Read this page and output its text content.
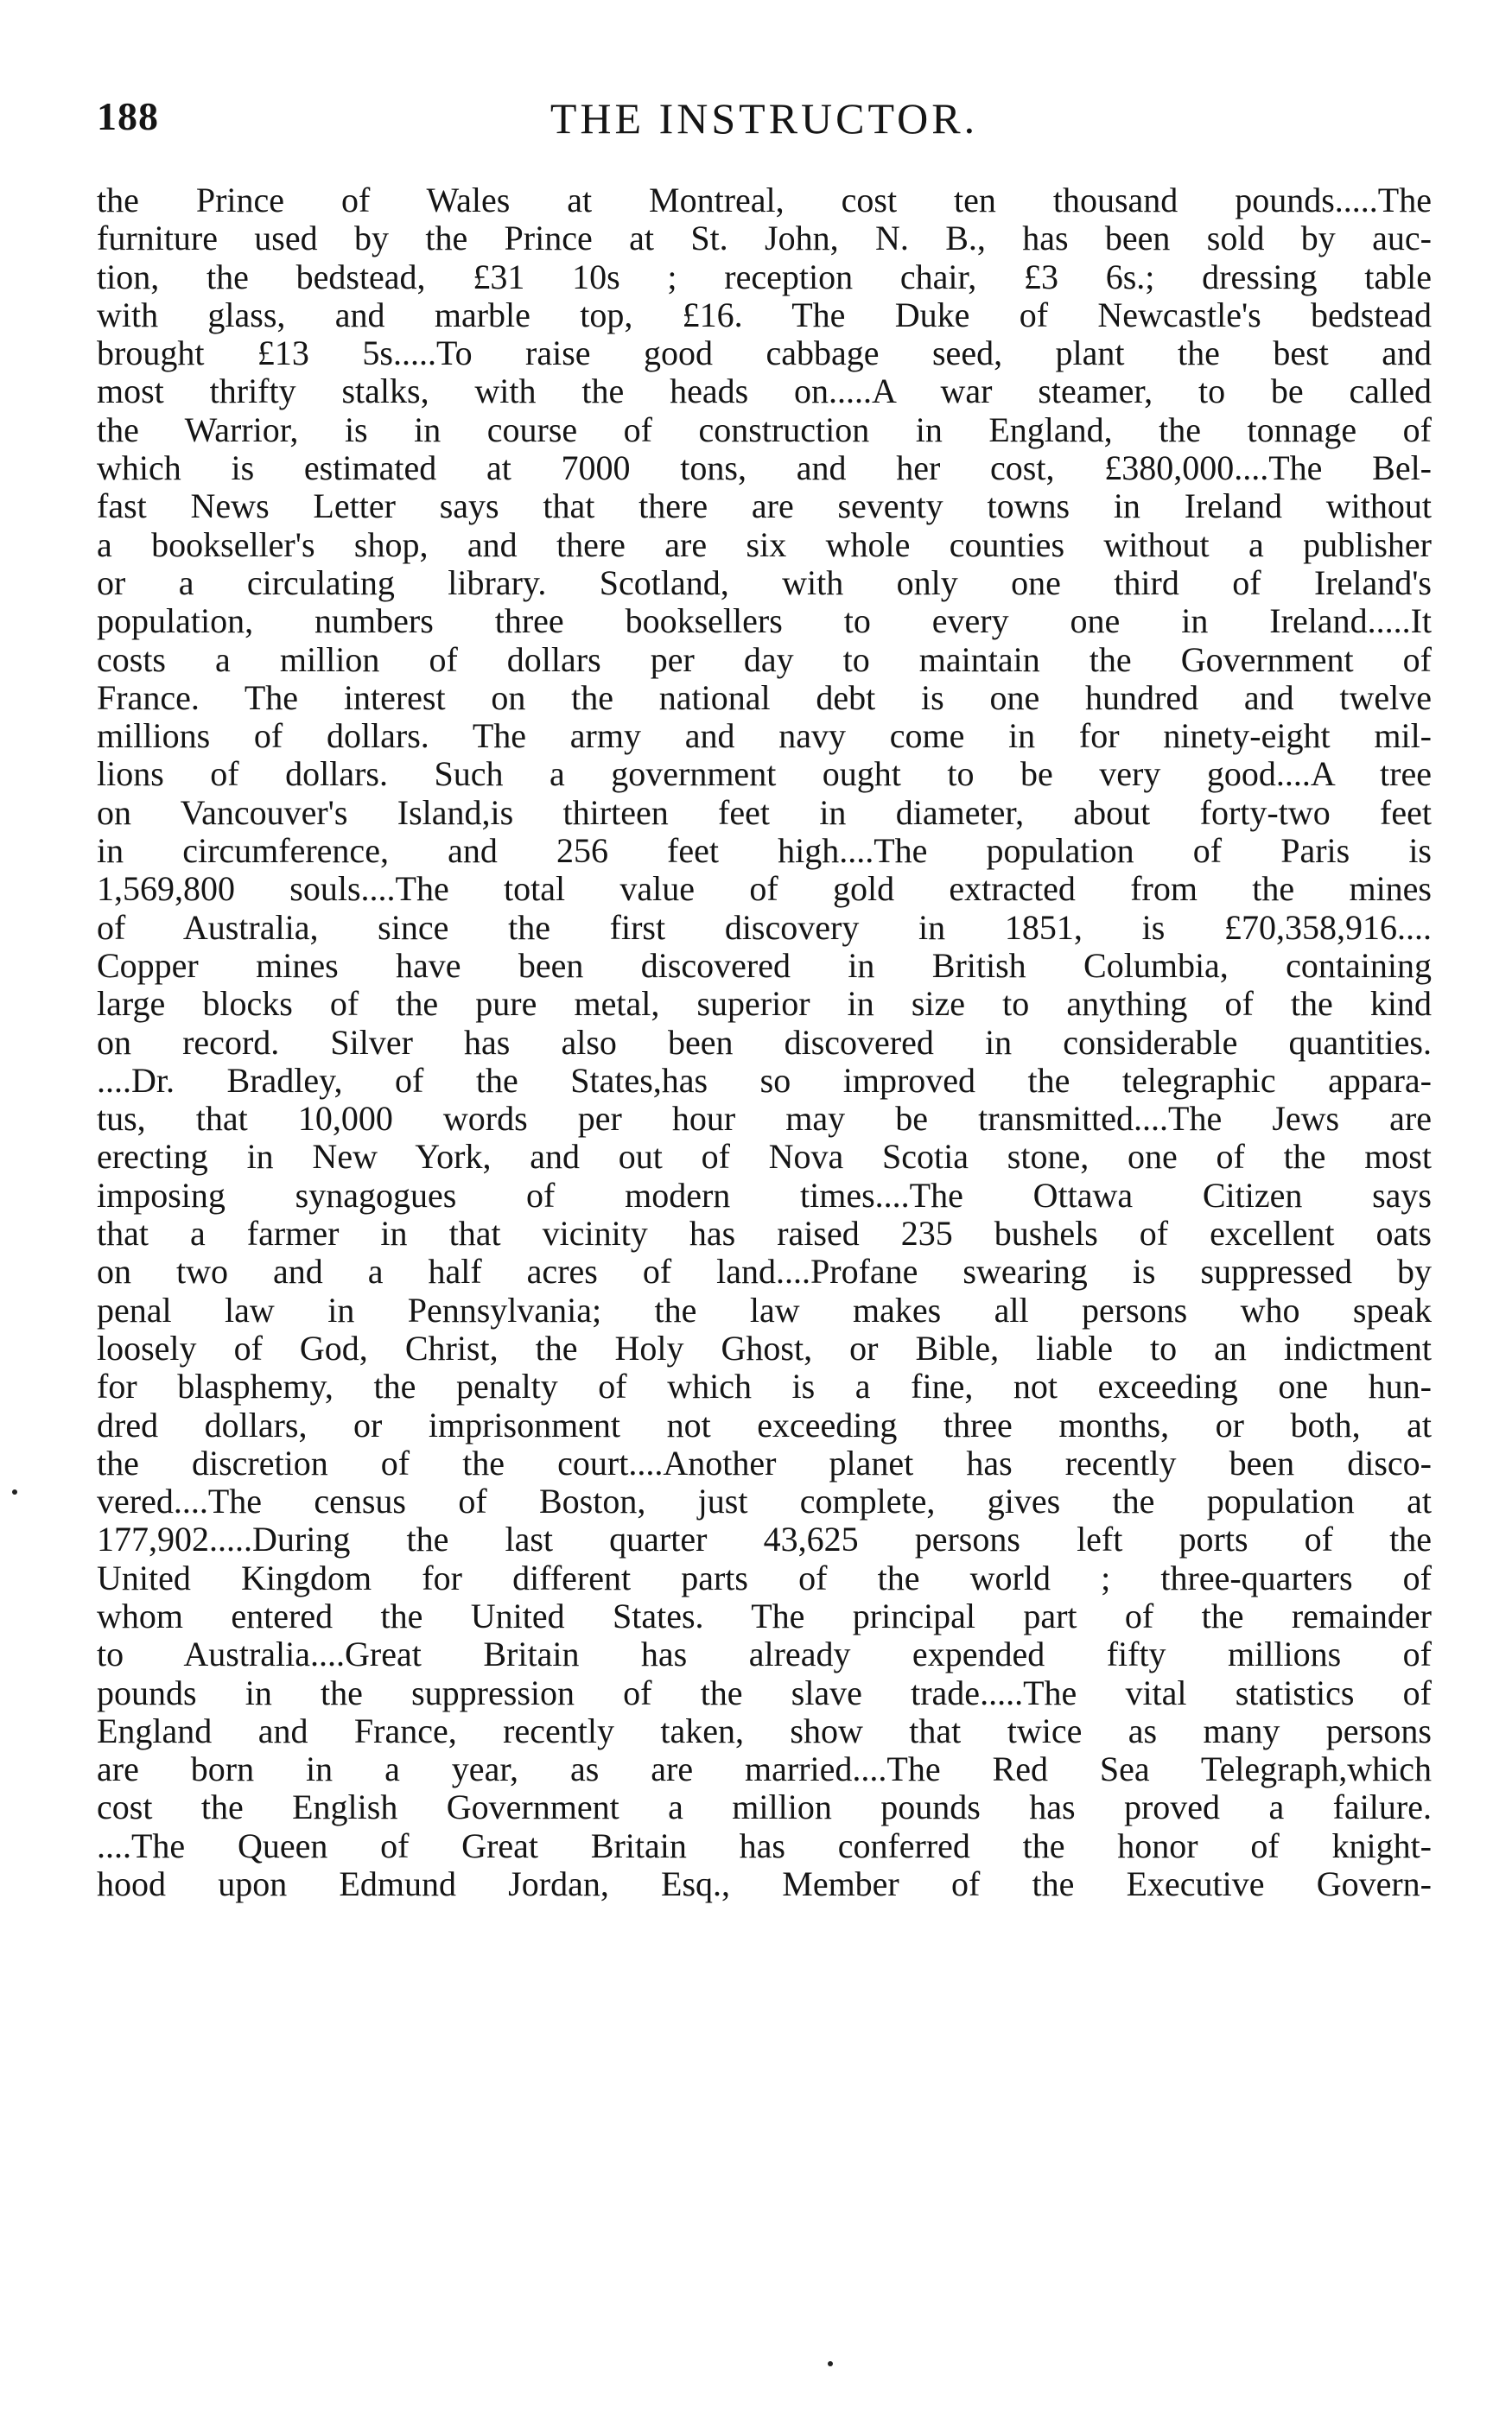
188	THE INSTRUCTOR.
the Prince of Wales at Montreal, cost ten thousand pounds.....The
furniture used by the Prince at St. John, N. B., has been sold by auc-
tion, the bedstead, £31 10s ; reception chair, £3 6s.; dressing table
with glass, and marble top, £16. The Duke of Newcastle's bedstead
brought £13 5s.....To raise good cabbage seed, plant the best and
most thrifty stalks, with the heads on.....A war steamer, to be called
the Warrior, is in course of construction in England, the tonnage of
which is estimated at 7000 tons, and her cost, £380,000....The Bel-
fast News Letter says that there are seventy towns in Ireland without
a bookseller's shop, and there are six whole counties without a publisher
or a circulating library. Scotland, with only one third of Ireland's
population, numbers three booksellers to every one in Ireland.....It
costs a million of dollars per day to maintain the Government of
France. The interest on the national debt is one hundred and twelve
millions of dollars. The army and navy come in for ninety-eight mil-
lions of dollars. Such a government ought to be very good....A tree
on Vancouver's Island,is thirteen feet in diameter, about forty-two feet
in circumference, and 256 feet high....The population of Paris is
1,569,800 souls....The total value of gold extracted from the mines
of Australia, since the first discovery in 1851, is £70,358,916....
Copper mines have been discovered in British Columbia, containing
large blocks of the pure metal, superior in size to anything of the kind
on record. Silver has also been discovered in considerable quantities.
....Dr. Bradley, of the States,has so improved the telegraphic appara-
tus, that 10,000 words per hour may be transmitted....The Jews are
erecting in New York, and out of Nova Scotia stone, one of the most
imposing synagogues of modern times....The Ottawa Citizen says
that a farmer in that vicinity has raised 235 bushels of excellent oats
on two and a half acres of land....Profane swearing is suppressed by
penal law in Pennsylvania; the law makes all persons who speak
loosely of God, Christ, the Holy Ghost, or Bible, liable to an indictment
for blasphemy, the penalty of which is a fine, not exceeding one hun-
dred dollars, or imprisonment not exceeding three months, or both, at
the discretion of the court....Another planet has recently been disco-
vered....The census of Boston, just complete, gives the population at
177,902.....During the last quarter 43,625 persons left ports of the
United Kingdom for different parts of the world ; three-quarters of
whom entered the United States. The principal part of the remainder
to Australia....Great Britain has already expended fifty millions of
pounds in the suppression of the slave trade.....The vital statistics of
England and France, recently taken, show that twice as many persons
are born in a year, as are married....The Red Sea Telegraph,which
cost the English Government a million pounds has proved a failure.
....The Queen of Great Britain has conferred the honor of knight-
hood upon Edmund Jordan, Esq., Member of the Executive Govern-
